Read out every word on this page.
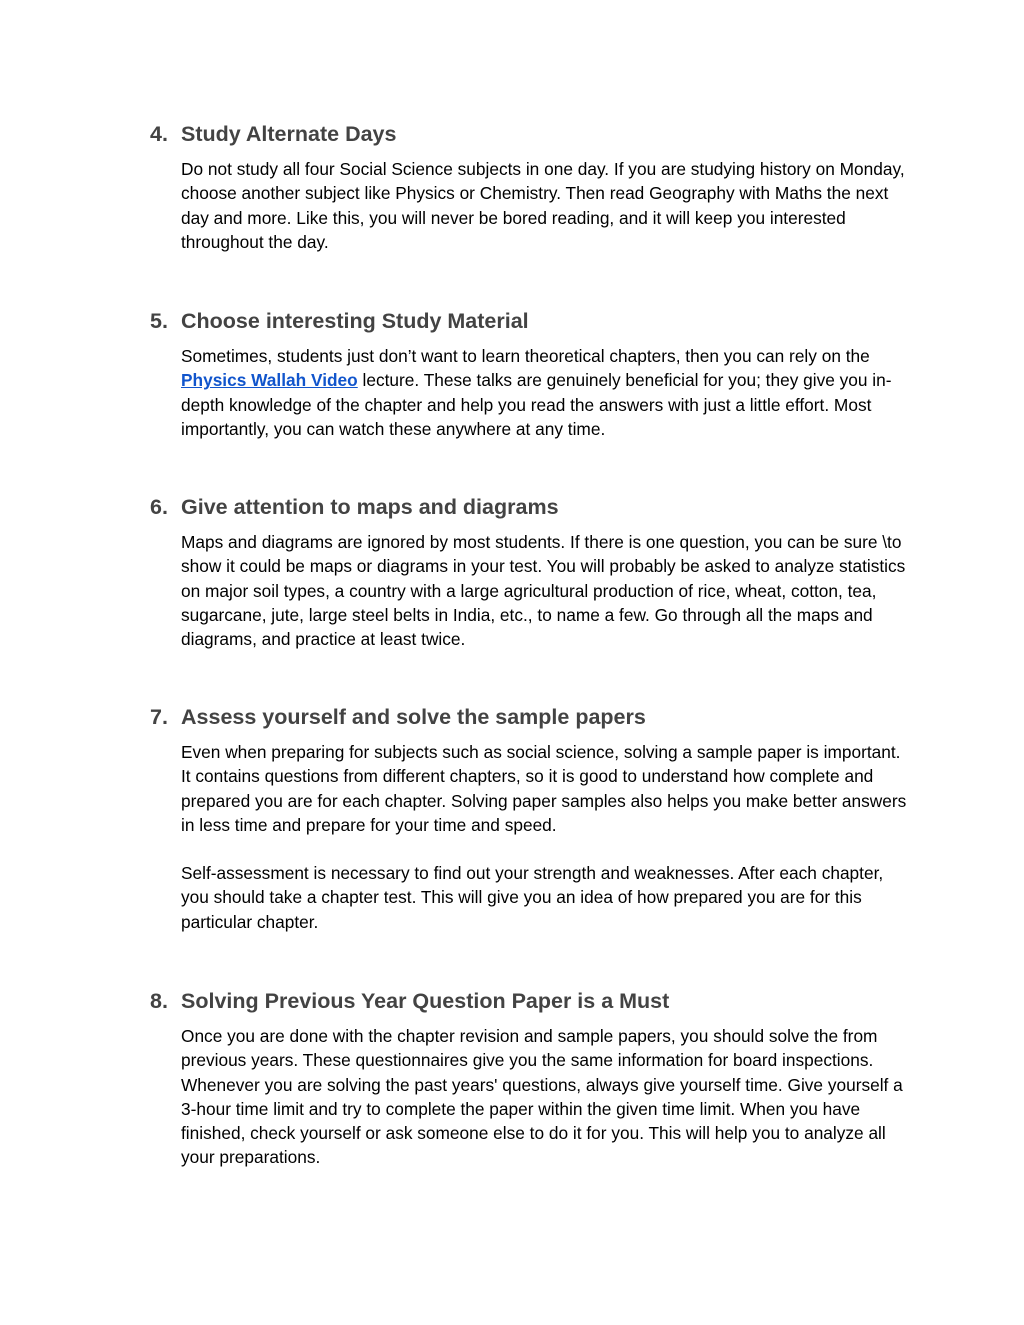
4. Study Alternate Days

Do not study all four Social Science subjects in one day. If you are studying history on Monday, choose another subject like Physics or Chemistry. Then read Geography with Maths the next day and more. Like this, you will never be bored reading, and it will keep you interested throughout the day.

5. Choose interesting Study Material

Sometimes, students just don’t want to learn theoretical chapters, then you can rely on the Physics Wallah Video lecture. These talks are genuinely beneficial for you; they give you in-depth knowledge of the chapter and help you read the answers with just a little effort. Most importantly, you can watch these anywhere at any time.

6. Give attention to maps and diagrams

Maps and diagrams are ignored by most students. If there is one question, you can be sure \to show it could be maps or diagrams in your test. You will probably be asked to analyze statistics on major soil types, a country with a large agricultural production of rice, wheat, cotton, tea, sugarcane, jute, large steel belts in India, etc., to name a few. Go through all the maps and diagrams, and practice at least twice.

7. Assess yourself and solve the sample papers

Even when preparing for subjects such as social science, solving a sample paper is important. It contains questions from different chapters, so it is good to understand how complete and prepared you are for each chapter. Solving paper samples also helps you make better answers in less time and prepare for your time and speed.

Self-assessment is necessary to find out your strength and weaknesses. After each chapter, you should take a chapter test. This will give you an idea of how prepared you are for this particular chapter.

8. Solving Previous Year Question Paper is a Must

Once you are done with the chapter revision and sample papers, you should solve the from previous years. These questionnaires give you the same information for board inspections. Whenever you are solving the past years' questions, always give yourself time. Give yourself a 3-hour time limit and try to complete the paper within the given time limit. When you have finished, check yourself or ask someone else to do it for you. This will help you to analyze all your preparations.
